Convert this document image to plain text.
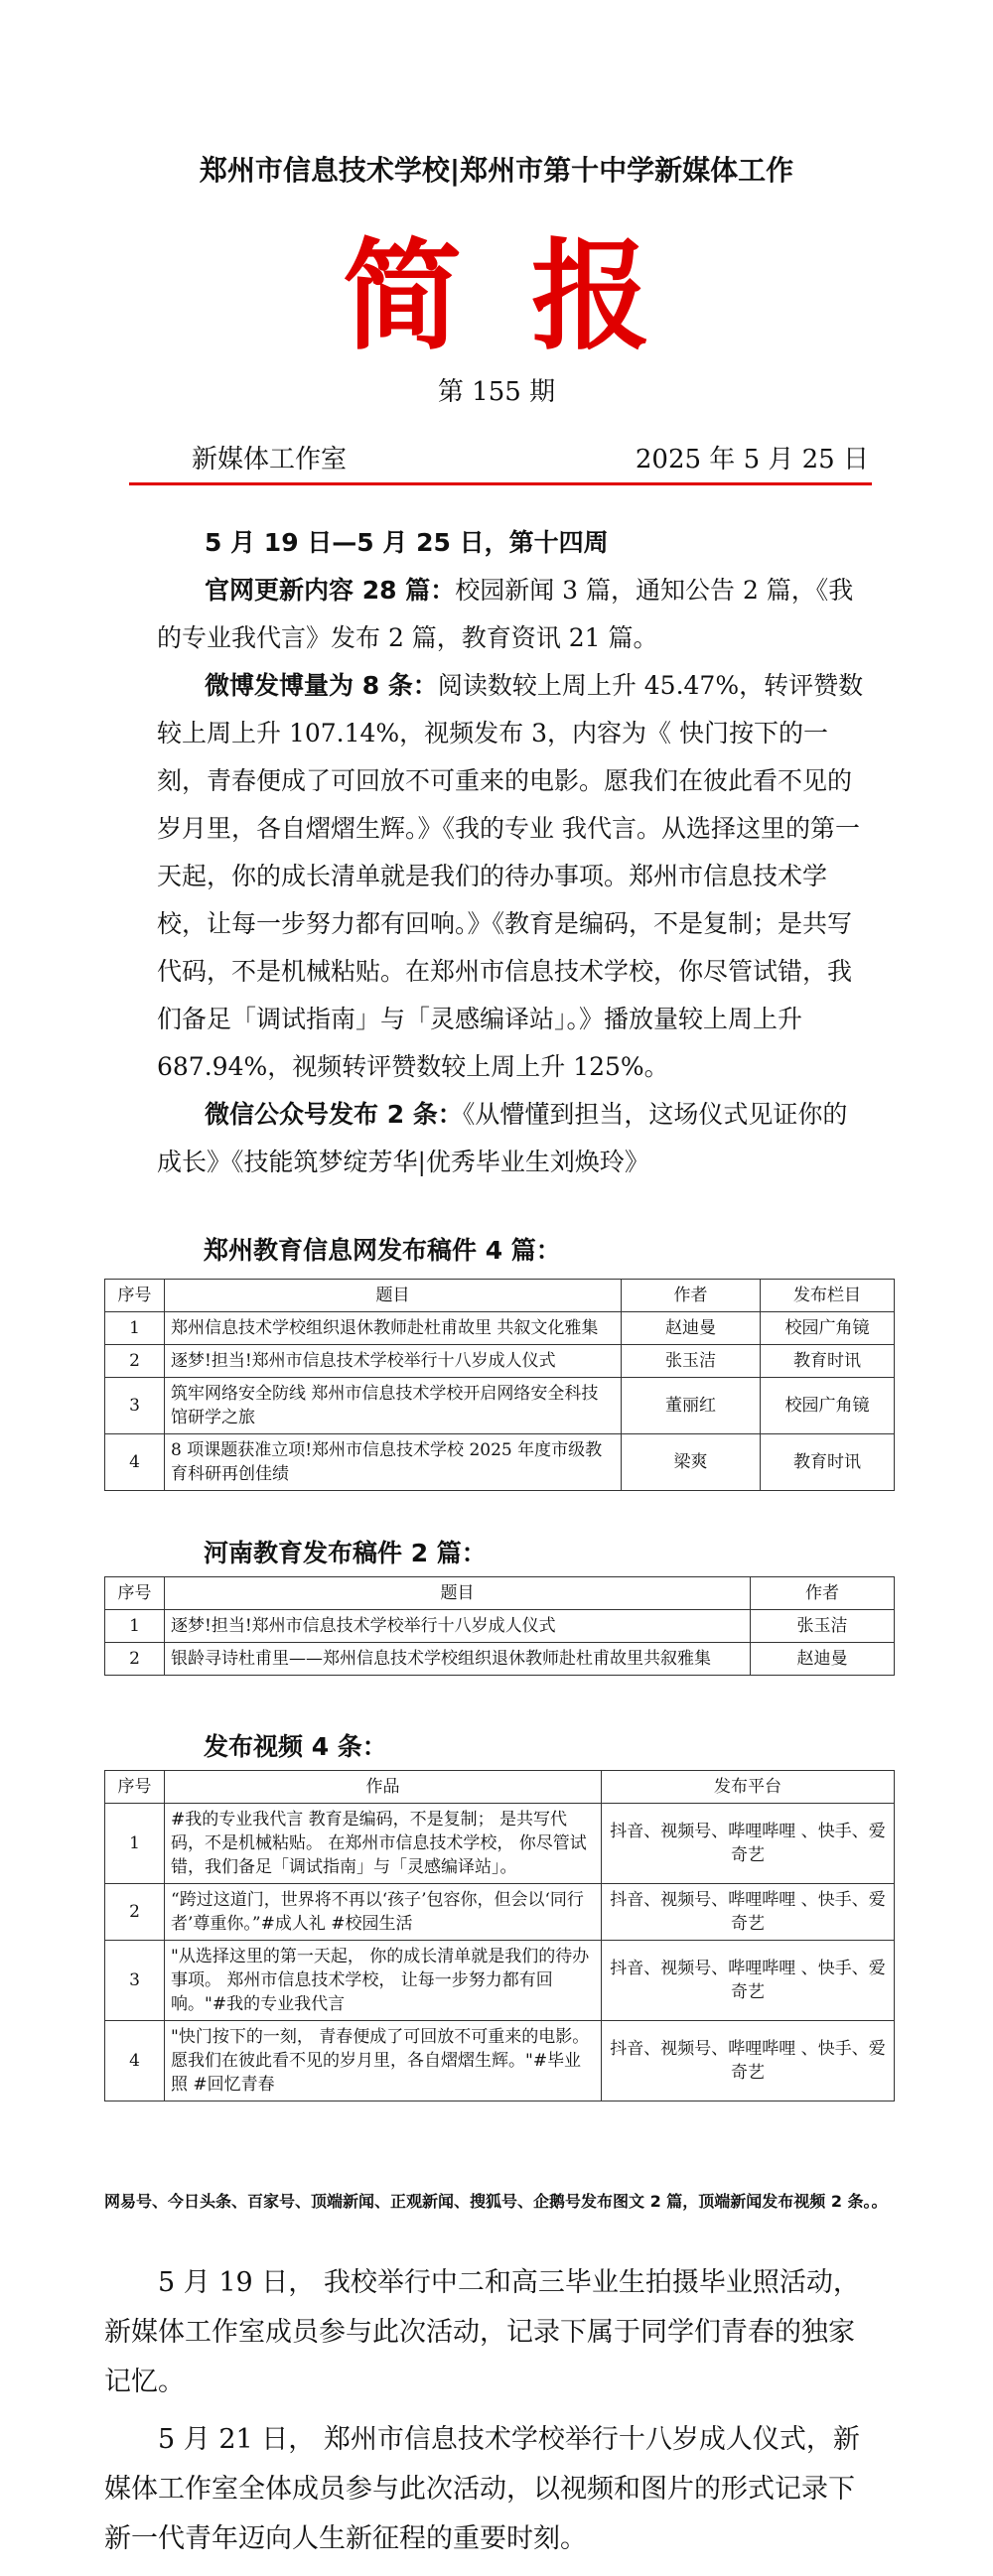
郑州市信息技术学校|郑州市第十中学新媒体工作
简报
第 155 期
新媒体工作室	2025 年 5 月 25 日

5 月 19 日—5 月 25 日，第十四周

官网更新内容 28 篇：校园新闻 3 篇，通知公告 2 篇，《我的专业我代言》发布 2 篇，教育资讯 21 篇。

微博发博量为 8 条：阅读数较上周上升 45.47%，转评赞数较上周上升 107.14%，视频发布 3，内容为《 快门按下的一刻，青春便成了可回放不可重来的电影。愿我们在彼此看不见的岁月里，各自熠熠生辉。》《我的专业 我代言。从选择这里的第一天起，你的成长清单就是我们的待办事项。郑州市信息技术学校，让每一步努力都有回响。》《教育是编码，不是复制；是共写代码，不是机械粘贴。在郑州市信息技术学校，你尽管试错，我们备足「调试指南」与「灵感编译站」。》播放量较上周上升 687.94%，视频转评赞数较上周上升 125%。

微信公众号发布 2 条：《从懵懂到担当，这场仪式见证你的成长》《技能筑梦绽芳华|优秀毕业生刘焕玲》

郑州教育信息网发布稿件 4 篇：
序号	题目	作者	发布栏目
1	郑州信息技术学校组织退休教师赴杜甫故里 共叙文化雅集	赵迪曼	校园广角镜
2	逐梦!担当!郑州市信息技术学校举行十八岁成人仪式	张玉洁	教育时讯
3	筑牢网络安全防线 郑州市信息技术学校开启网络安全科技馆研学之旅	董丽红	校园广角镜
4	8 项课题获准立项!郑州市信息技术学校 2025 年度市级教育科研再创佳绩	梁爽	教育时讯
河南教育发布稿件 2 篇：
序号	题目	作者
1	逐梦!担当!郑州市信息技术学校举行十八岁成人仪式	张玉洁
2	银龄寻诗杜甫里——郑州信息技术学校组织退休教师赴杜甫故里共叙雅集	赵迪曼
发布视频 4 条：
序号	作品	发布平台
1	#我的专业我代言 教育是编码，不是复制； 是共写代码，不是机械粘贴。 在郑州市信息技术学校， 你尽管试错，我们备足「调试指南」与「灵感编译站」。	抖音、视频号、哔哩哔哩 、快手、爱奇艺
2	“跨过这道门，世界将不再以‘孩子’包容你，但会以‘同行者’尊重你。”#成人礼 #校园生活	抖音、视频号、哔哩哔哩 、快手、爱奇艺
3	"从选择这里的第一天起， 你的成长清单就是我们的待办事项。 郑州市信息技术学校， 让每一步努力都有回响。"#我的专业我代言	抖音、视频号、哔哩哔哩 、快手、爱奇艺
4	"快门按下的一刻， 青春便成了可回放不可重来的电影。愿我们在彼此看不见的岁月里，各自熠熠生辉。"#毕业照 #回忆青春	抖音、视频号、哔哩哔哩 、快手、爱奇艺
网易号、今日头条、百家号、顶端新闻、正观新闻、搜狐号、企鹅号发布图文 2 篇，顶端新闻发布视频 2 条。。

5 月 19 日， 我校举行中二和高三毕业生拍摄毕业照活动，新媒体工作室成员参与此次活动，记录下属于同学们青春的独家记忆。

5 月 21 日， 郑州市信息技术学校举行十八岁成人仪式，新媒体工作室全体成员参与此次活动，以视频和图片的形式记录下新一代青年迈向人生新征程的重要时刻。
